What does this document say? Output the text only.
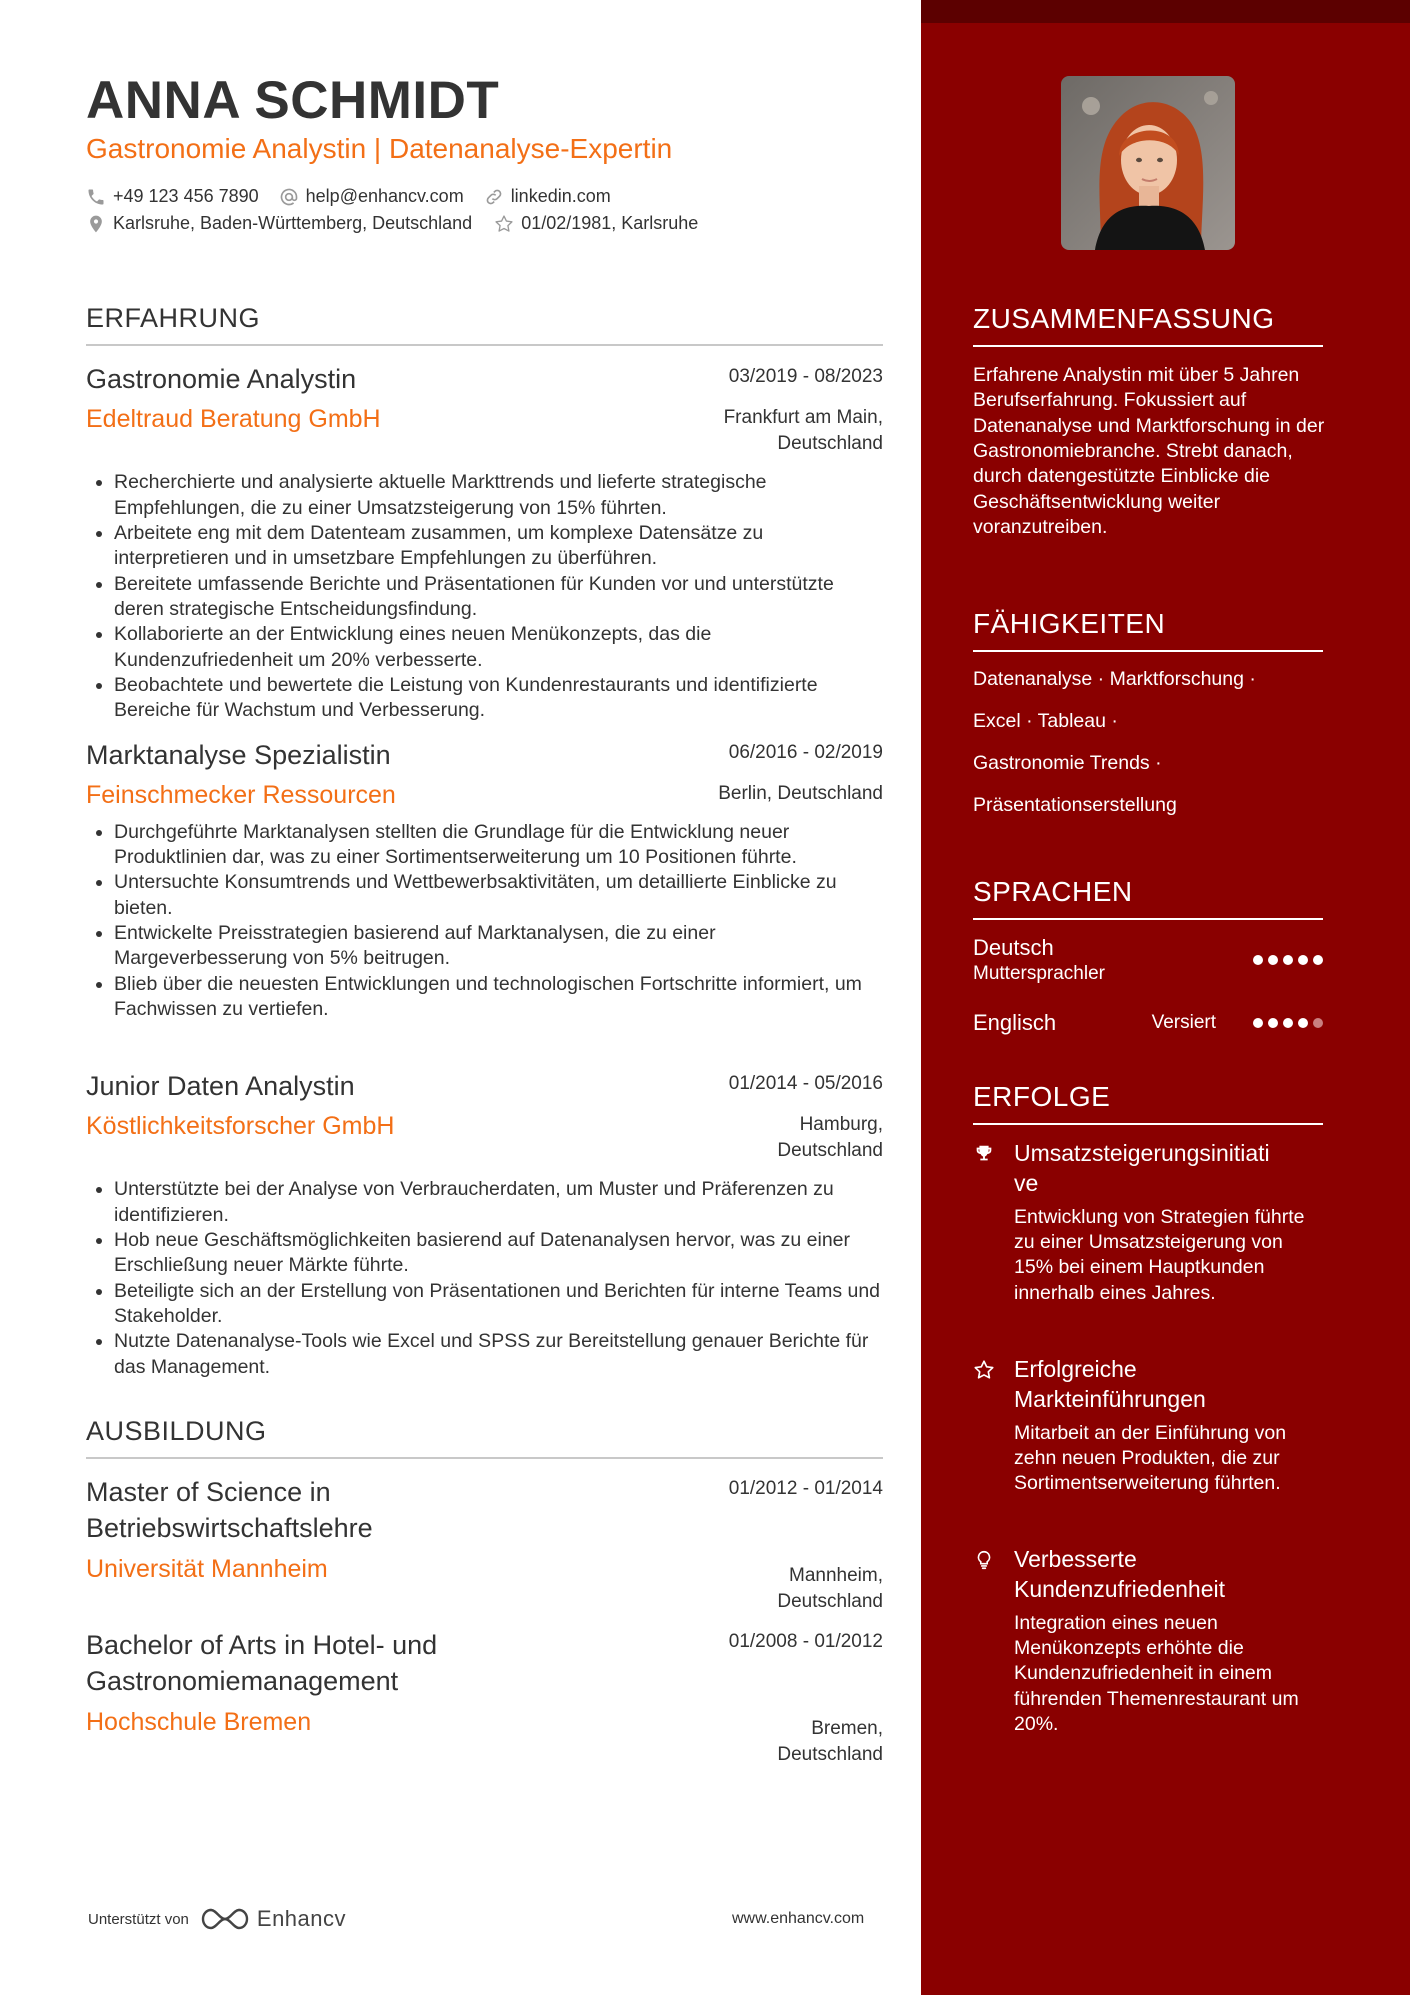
ANNA SCHMIDT
Gastronomie Analystin | Datenanalyse-Expertin
+49 123 456 7890	help@enhancv.com	linkedin.com
Karlsruhe, Baden-Württemberg, Deutschland	01/02/1981, Karlsruhe
ERFAHRUNG
Gastronomie Analystin	03/2019 - 08/2023
Edeltraud Beratung GmbH	Frankfurt am Main,
Deutschland
• Recherchierte und analysierte aktuelle Markttrends und lieferte strategische Empfehlungen, die zu einer Umsatzsteigerung von 15% führten.
• Arbeitete eng mit dem Datenteam zusammen, um komplexe Datensätze zu interpretieren und in umsetzbare Empfehlungen zu überführen.
• Bereitete umfassende Berichte und Präsentationen für Kunden vor und unterstützte deren strategische Entscheidungsfindung.
• Kollaborierte an der Entwicklung eines neuen Menükonzepts, das die Kundenzufriedenheit um 20% verbesserte.
• Beobachtete und bewertete die Leistung von Kundenrestaurants und identifizierte Bereiche für Wachstum und Verbesserung.
Marktanalyse Spezialistin	06/2016 - 02/2019
Feinschmecker Ressourcen	Berlin, Deutschland
• Durchgeführte Marktanalysen stellten die Grundlage für die Entwicklung neuer Produktlinien dar, was zu einer Sortimentserweiterung um 10 Positionen führte.
• Untersuchte Konsumtrends und Wettbewerbsaktivitäten, um detaillierte Einblicke zu bieten.
• Entwickelte Preisstrategien basierend auf Marktanalysen, die zu einer Margeverbesserung von 5% beitrugen.
• Blieb über die neuesten Entwicklungen und technologischen Fortschritte informiert, um Fachwissen zu vertiefen.
Junior Daten Analystin	01/2014 - 05/2016
Köstlichkeitsforscher GmbH	Hamburg,
Deutschland
• Unterstützte bei der Analyse von Verbraucherdaten, um Muster und Präferenzen zu identifizieren.
• Hob neue Geschäftsmöglichkeiten basierend auf Datenanalysen hervor, was zu einer Erschließung neuer Märkte führte.
• Beteiligte sich an der Erstellung von Präsentationen und Berichten für interne Teams und Stakeholder.
• Nutzte Datenanalyse-Tools wie Excel und SPSS zur Bereitstellung genauer Berichte für das Management.
AUSBILDUNG
Master of Science in
Betriebswirtschaftslehre
01/2012 - 01/2014
Universität Mannheim	Mannheim,
Deutschland
Bachelor of Arts in Hotel- und
Gastronomiemanagement
01/2008 - 01/2012
Hochschule Bremen	Bremen,
Deutschland
Unterstützt von	Enhancv	www.enhancv.com
ZUSAMMENFASSUNG
Erfahrene Analystin mit über 5 Jahren Berufserfahrung. Fokussiert auf Datenanalyse und Marktforschung in der Gastronomiebranche. Strebt danach, durch datengestützte Einblicke die Geschäftsentwicklung weiter voranzutreiben.
FÄHIGKEITEN
Datenanalyse · Marktforschung ·
Excel · Tableau ·
Gastronomie Trends ·
Präsentationserstellung
SPRACHEN
Deutsch
Muttersprachler
Englisch	Versiert
ERFOLGE
Umsatzsteigerungsinitiati
ve
Entwicklung von Strategien führte zu einer Umsatzsteigerung von 15% bei einem Hauptkunden innerhalb eines Jahres.
Erfolgreiche
Markteinführungen
Mitarbeit an der Einführung von zehn neuen Produkten, die zur Sortimentserweiterung führten.
Verbesserte
Kundenzufriedenheit
Integration eines neuen Menükonzepts erhöhte die Kundenzufriedenheit in einem führenden Themenrestaurant um 20%.
